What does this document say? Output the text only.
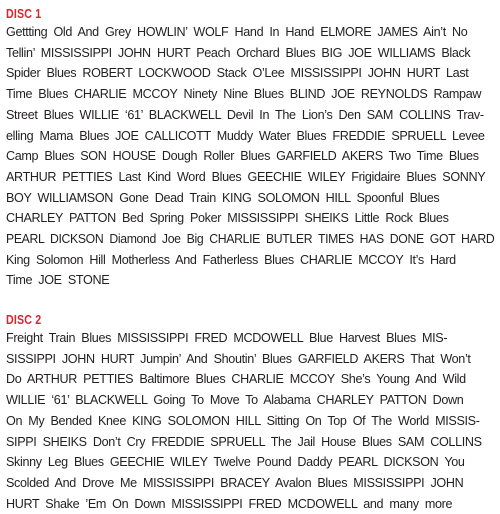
DISC 1
Gettting Old And Grey HOWLIN’ WOLF Hand In Hand ELMORE JAMES Ain’t No
Tellin’ MISSISSIPPI JOHN HURT Peach Orchard Blues BIG JOE WILLIAMS Black
Spider Blues ROBERT LOCKWOOD Stack O’Lee MISSISSIPPI JOHN HURT Last
Time Blues CHARLIE MCCOY Ninety Nine Blues BLIND JOE REYNOLDS Rampaw
Street Blues WILLIE ‘61’ BLACKWELL Devil In The Lion’s Den SAM COLLINS Trav-
elling Mama Blues JOE CALLICOTT Muddy Water Blues FREDDIE SPRUELL Levee
Camp Blues SON HOUSE Dough Roller Blues GARFIELD AKERS Two Time Blues
ARTHUR PETTIES Last Kind Word Blues GEECHIE WILEY Frigidaire Blues SONNY
BOY WILLIAMSON Gone Dead Train KING SOLOMON HILL Spoonful Blues
CHARLEY PATTON Bed Spring Poker MISSISSIPPI SHEIKS Little Rock Blues
PEARL DICKSON Diamond Joe Big CHARLIE BUTLER TIMES HAS DONE GOT HARD
King Solomon Hill Motherless And Fatherless Blues CHARLIE MCCOY It’s Hard
Time JOE STONE
DISC 2
Freight Train Blues MISSISSIPPI FRED MCDOWELL Blue Harvest Blues MIS-
SISSIPPI JOHN HURT Jumpin’ And Shoutin’ Blues GARFIELD AKERS That Won’t
Do ARTHUR PETTIES Baltimore Blues CHARLIE MCCOY She’s Young And Wild
WILLIE ‘61’ BLACKWELL Going To Move To Alabama CHARLEY PATTON Down
On My Bended Knee KING SOLOMON HILL Sitting On Top Of The World MISSIS-
SIPPI SHEIKS Don’t Cry FREDDIE SPRUELL The Jail House Blues SAM COLLINS
Skinny Leg Blues GEECHIE WILEY Twelve Pound Daddy PEARL DICKSON You
Scolded And Drove Me MISSISSIPPI BRACEY Avalon Blues MISSISSIPPI JOHN
HURT Shake ’Em On Down MISSISSIPPI FRED MCDOWELL and many more
